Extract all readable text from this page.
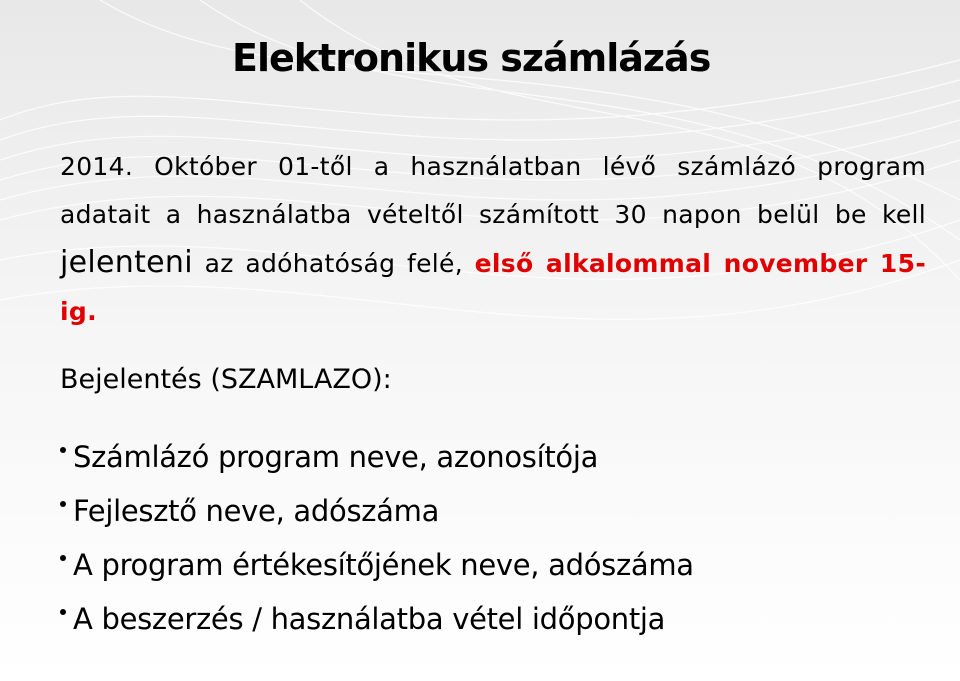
Elektronikus számlázás
2014. Október 01-től a használatban lévő számlázó program adatait a használatba vételtől számított 30 napon belül be kell jelenteni az adóhatóság felé, első alkalommal november 15-ig.
Bejelentés (SZAMLAZO):
Számlázó program neve, azonosítója
Fejlesztő neve, adószáma
A program értékesítőjének neve, adószáma
A beszerzés / használatba vétel időpontja
